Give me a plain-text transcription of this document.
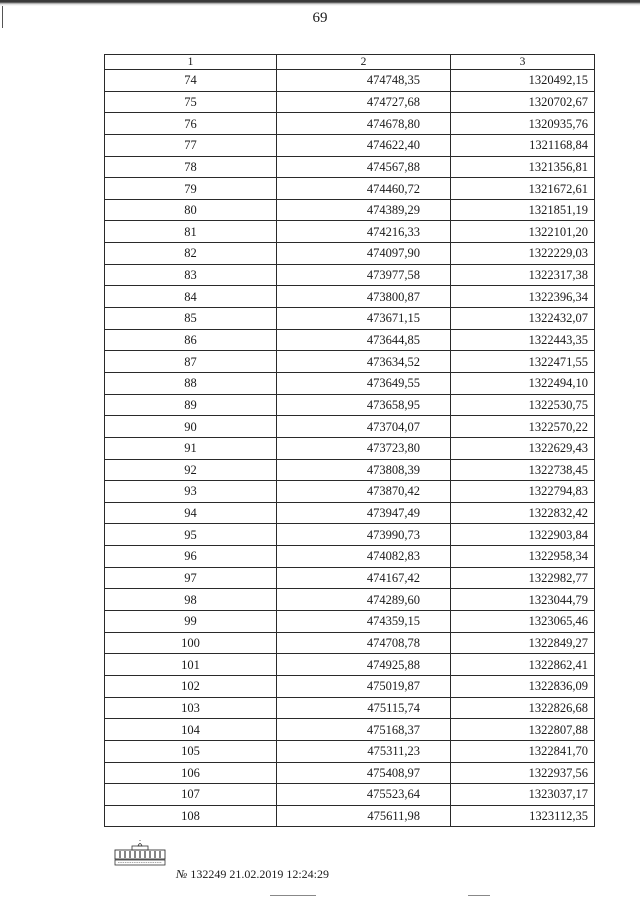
69
1	2	3
74	474748,35	1320492,15
75	474727,68	1320702,67
76	474678,80	1320935,76
77	474622,40	1321168,84
78	474567,88	1321356,81
79	474460,72	1321672,61
80	474389,29	1321851,19
81	474216,33	1322101,20
82	474097,90	1322229,03
83	473977,58	1322317,38
84	473800,87	1322396,34
85	473671,15	1322432,07
86	473644,85	1322443,35
87	473634,52	1322471,55
88	473649,55	1322494,10
89	473658,95	1322530,75
90	473704,07	1322570,22
91	473723,80	1322629,43
92	473808,39	1322738,45
93	473870,42	1322794,83
94	473947,49	1322832,42
95	473990,73	1322903,84
96	474082,83	1322958,34
97	474167,42	1322982,77
98	474289,60	1323044,79
99	474359,15	1323065,46
100	474708,78	1322849,27
101	474925,88	1322862,41
102	475019,87	1322836,09
103	475115,74	1322826,68
104	475168,37	1322807,88
105	475311,23	1322841,70
106	475408,97	1322937,56
107	475523,64	1323037,17
108	475611,98	1323112,35
№ 132249 21.02.2019 12:24:29
